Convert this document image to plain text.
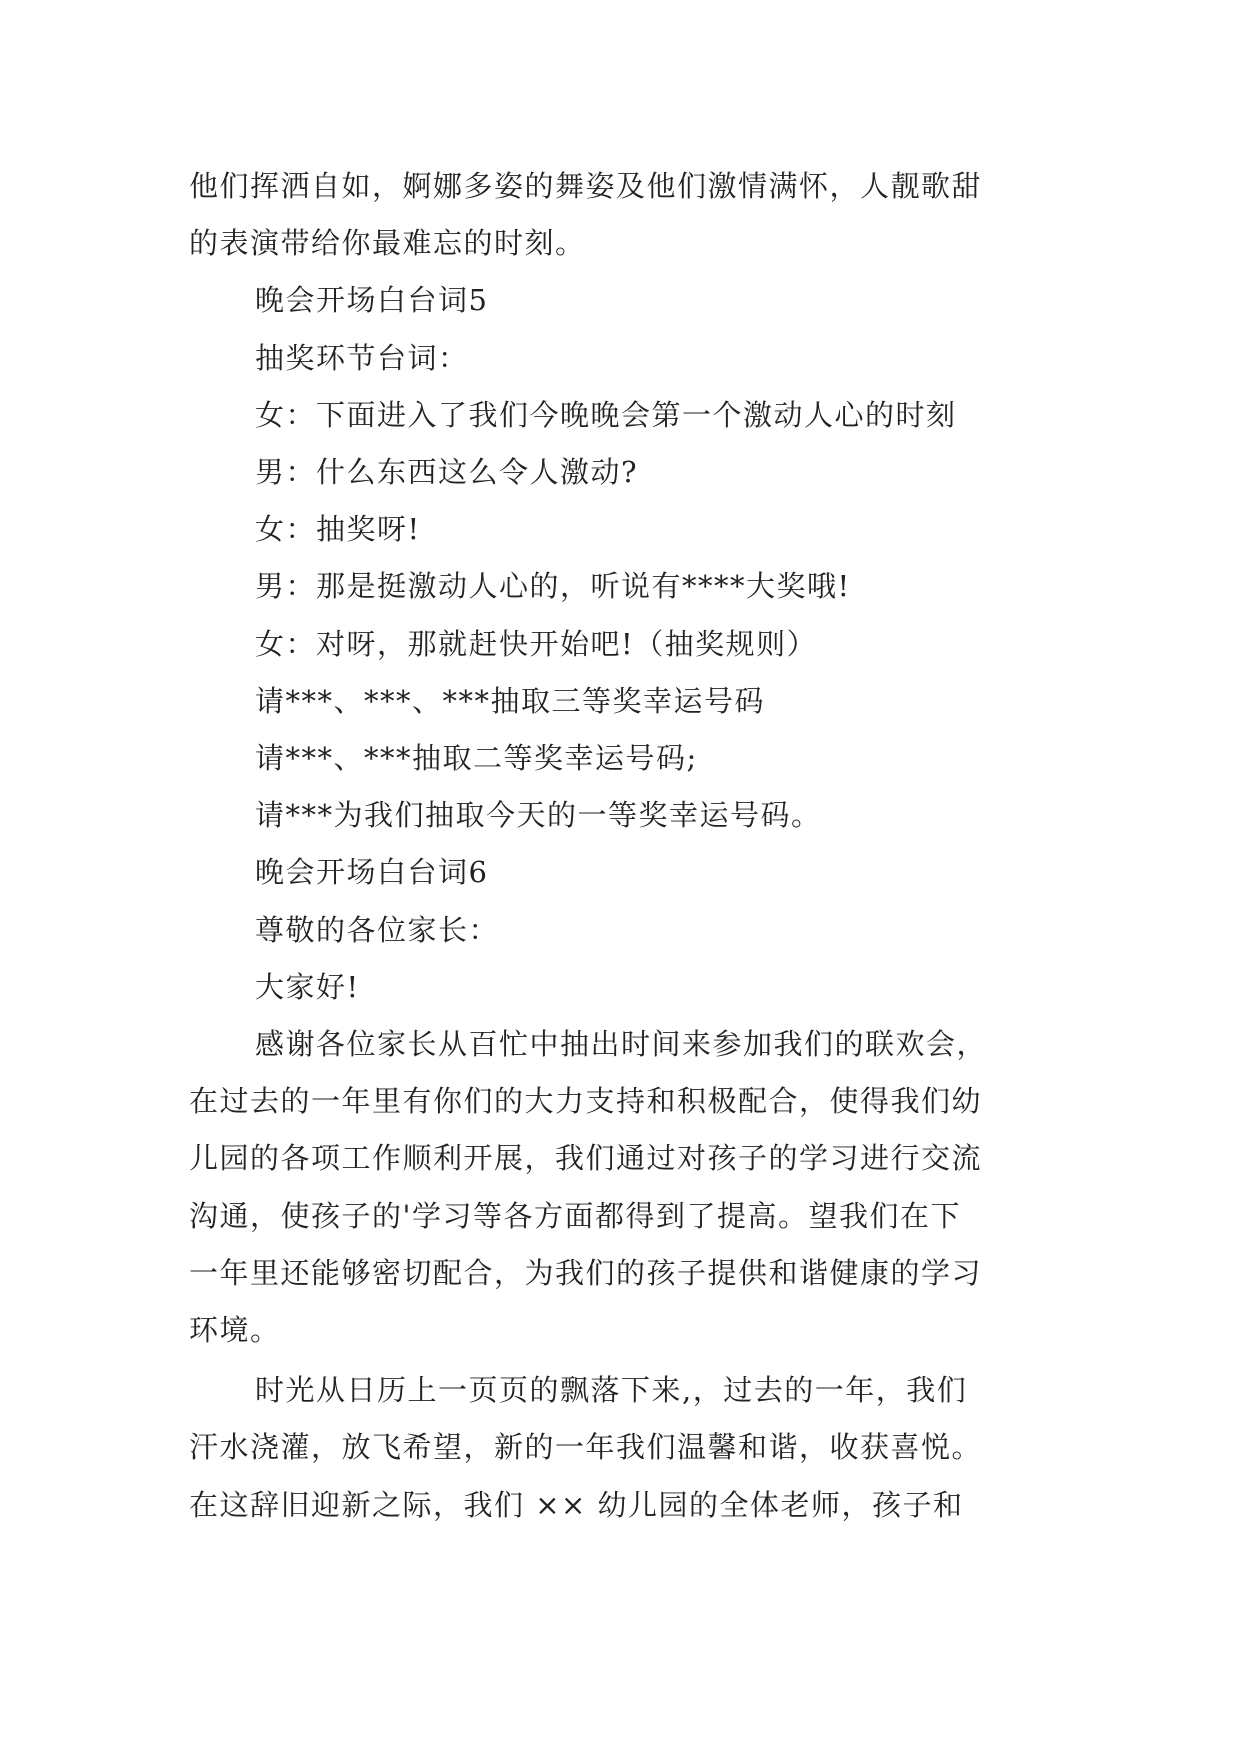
他们挥洒自如，婀娜多姿的舞姿及他们激情满怀，人靓歌甜

的表演带给你最难忘的时刻。

晚会开场白台词5

抽奖环节台词：

女：下面进入了我们今晚晚会第一个激动人心的时刻

男：什么东西这么令人激动?

女：抽奖呀!

男：那是挺激动人心的，听说有****大奖哦!

女：对呀，那就赶快开始吧!（抽奖规则）

请***、***、***抽取三等奖幸运号码

请***、***抽取二等奖幸运号码;

请***为我们抽取今天的一等奖幸运号码。

晚会开场白台词6

尊敬的各位家长：

大家好!

感谢各位家长从百忙中抽出时间来参加我们的联欢会，

在过去的一年里有你们的大力支持和积极配合，使得我们幼

儿园的各项工作顺利开展，我们通过对孩子的学习进行交流

沟通，使孩子的'学习等各方面都得到了提高。望我们在下

一年里还能够密切配合，为我们的孩子提供和谐健康的学习

环境。

时光从日历上一页页的飘落下来,，过去的一年，我们

汗水浇灌，放飞希望，新的一年我们温馨和谐，收获喜悦。

在这辞旧迎新之际，我们 ×× 幼儿园的全体老师，孩子和
